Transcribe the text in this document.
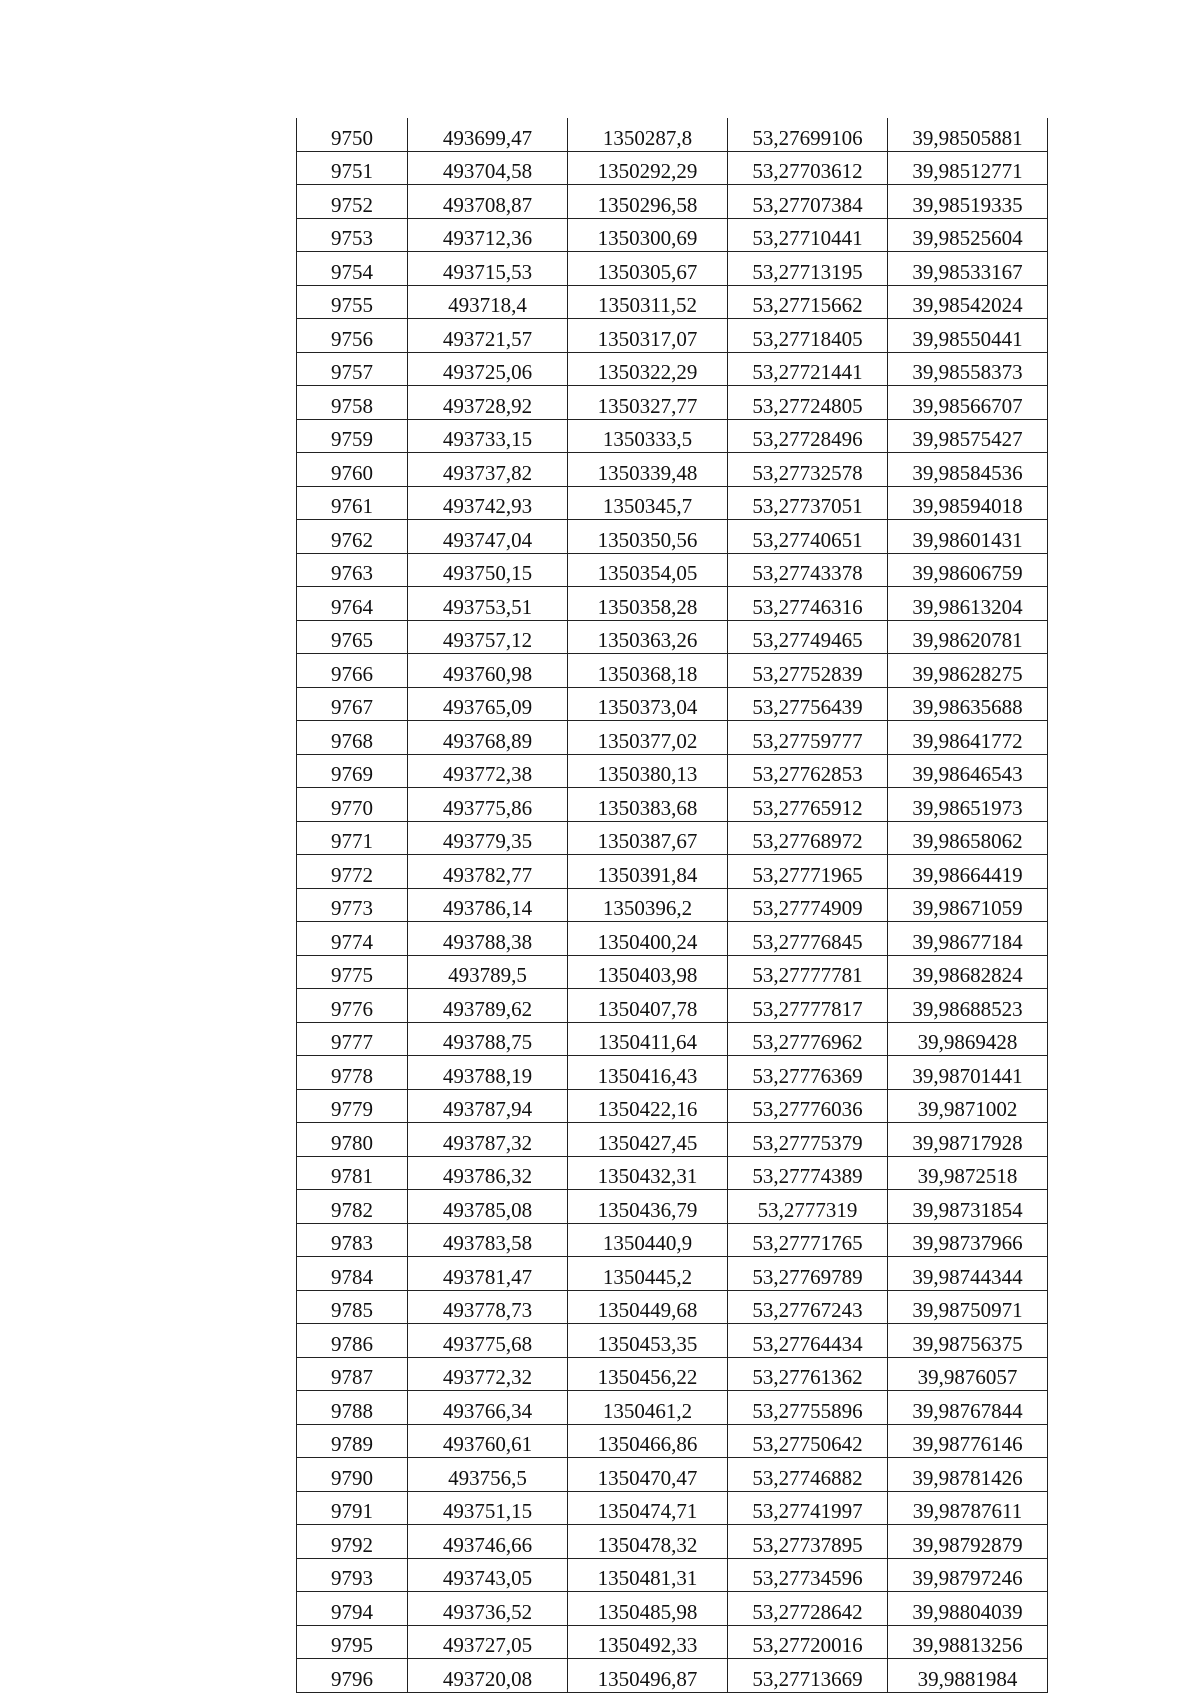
9750	493699,47	1350287,8	53,27699106	39,98505881
9751	493704,58	1350292,29	53,27703612	39,98512771
9752	493708,87	1350296,58	53,27707384	39,98519335
9753	493712,36	1350300,69	53,27710441	39,98525604
9754	493715,53	1350305,67	53,27713195	39,98533167
9755	493718,4	1350311,52	53,27715662	39,98542024
9756	493721,57	1350317,07	53,27718405	39,98550441
9757	493725,06	1350322,29	53,27721441	39,98558373
9758	493728,92	1350327,77	53,27724805	39,98566707
9759	493733,15	1350333,5	53,27728496	39,98575427
9760	493737,82	1350339,48	53,27732578	39,98584536
9761	493742,93	1350345,7	53,27737051	39,98594018
9762	493747,04	1350350,56	53,27740651	39,98601431
9763	493750,15	1350354,05	53,27743378	39,98606759
9764	493753,51	1350358,28	53,27746316	39,98613204
9765	493757,12	1350363,26	53,27749465	39,98620781
9766	493760,98	1350368,18	53,27752839	39,98628275
9767	493765,09	1350373,04	53,27756439	39,98635688
9768	493768,89	1350377,02	53,27759777	39,98641772
9769	493772,38	1350380,13	53,27762853	39,98646543
9770	493775,86	1350383,68	53,27765912	39,98651973
9771	493779,35	1350387,67	53,27768972	39,98658062
9772	493782,77	1350391,84	53,27771965	39,98664419
9773	493786,14	1350396,2	53,27774909	39,98671059
9774	493788,38	1350400,24	53,27776845	39,98677184
9775	493789,5	1350403,98	53,27777781	39,98682824
9776	493789,62	1350407,78	53,27777817	39,98688523
9777	493788,75	1350411,64	53,27776962	39,9869428
9778	493788,19	1350416,43	53,27776369	39,98701441
9779	493787,94	1350422,16	53,27776036	39,9871002
9780	493787,32	1350427,45	53,27775379	39,98717928
9781	493786,32	1350432,31	53,27774389	39,9872518
9782	493785,08	1350436,79	53,2777319	39,98731854
9783	493783,58	1350440,9	53,27771765	39,98737966
9784	493781,47	1350445,2	53,27769789	39,98744344
9785	493778,73	1350449,68	53,27767243	39,98750971
9786	493775,68	1350453,35	53,27764434	39,98756375
9787	493772,32	1350456,22	53,27761362	39,9876057
9788	493766,34	1350461,2	53,27755896	39,98767844
9789	493760,61	1350466,86	53,27750642	39,98776146
9790	493756,5	1350470,47	53,27746882	39,98781426
9791	493751,15	1350474,71	53,27741997	39,98787611
9792	493746,66	1350478,32	53,27737895	39,98792879
9793	493743,05	1350481,31	53,27734596	39,98797246
9794	493736,52	1350485,98	53,27728642	39,98804039
9795	493727,05	1350492,33	53,27720016	39,98813256
9796	493720,08	1350496,87	53,27713669	39,9881984
